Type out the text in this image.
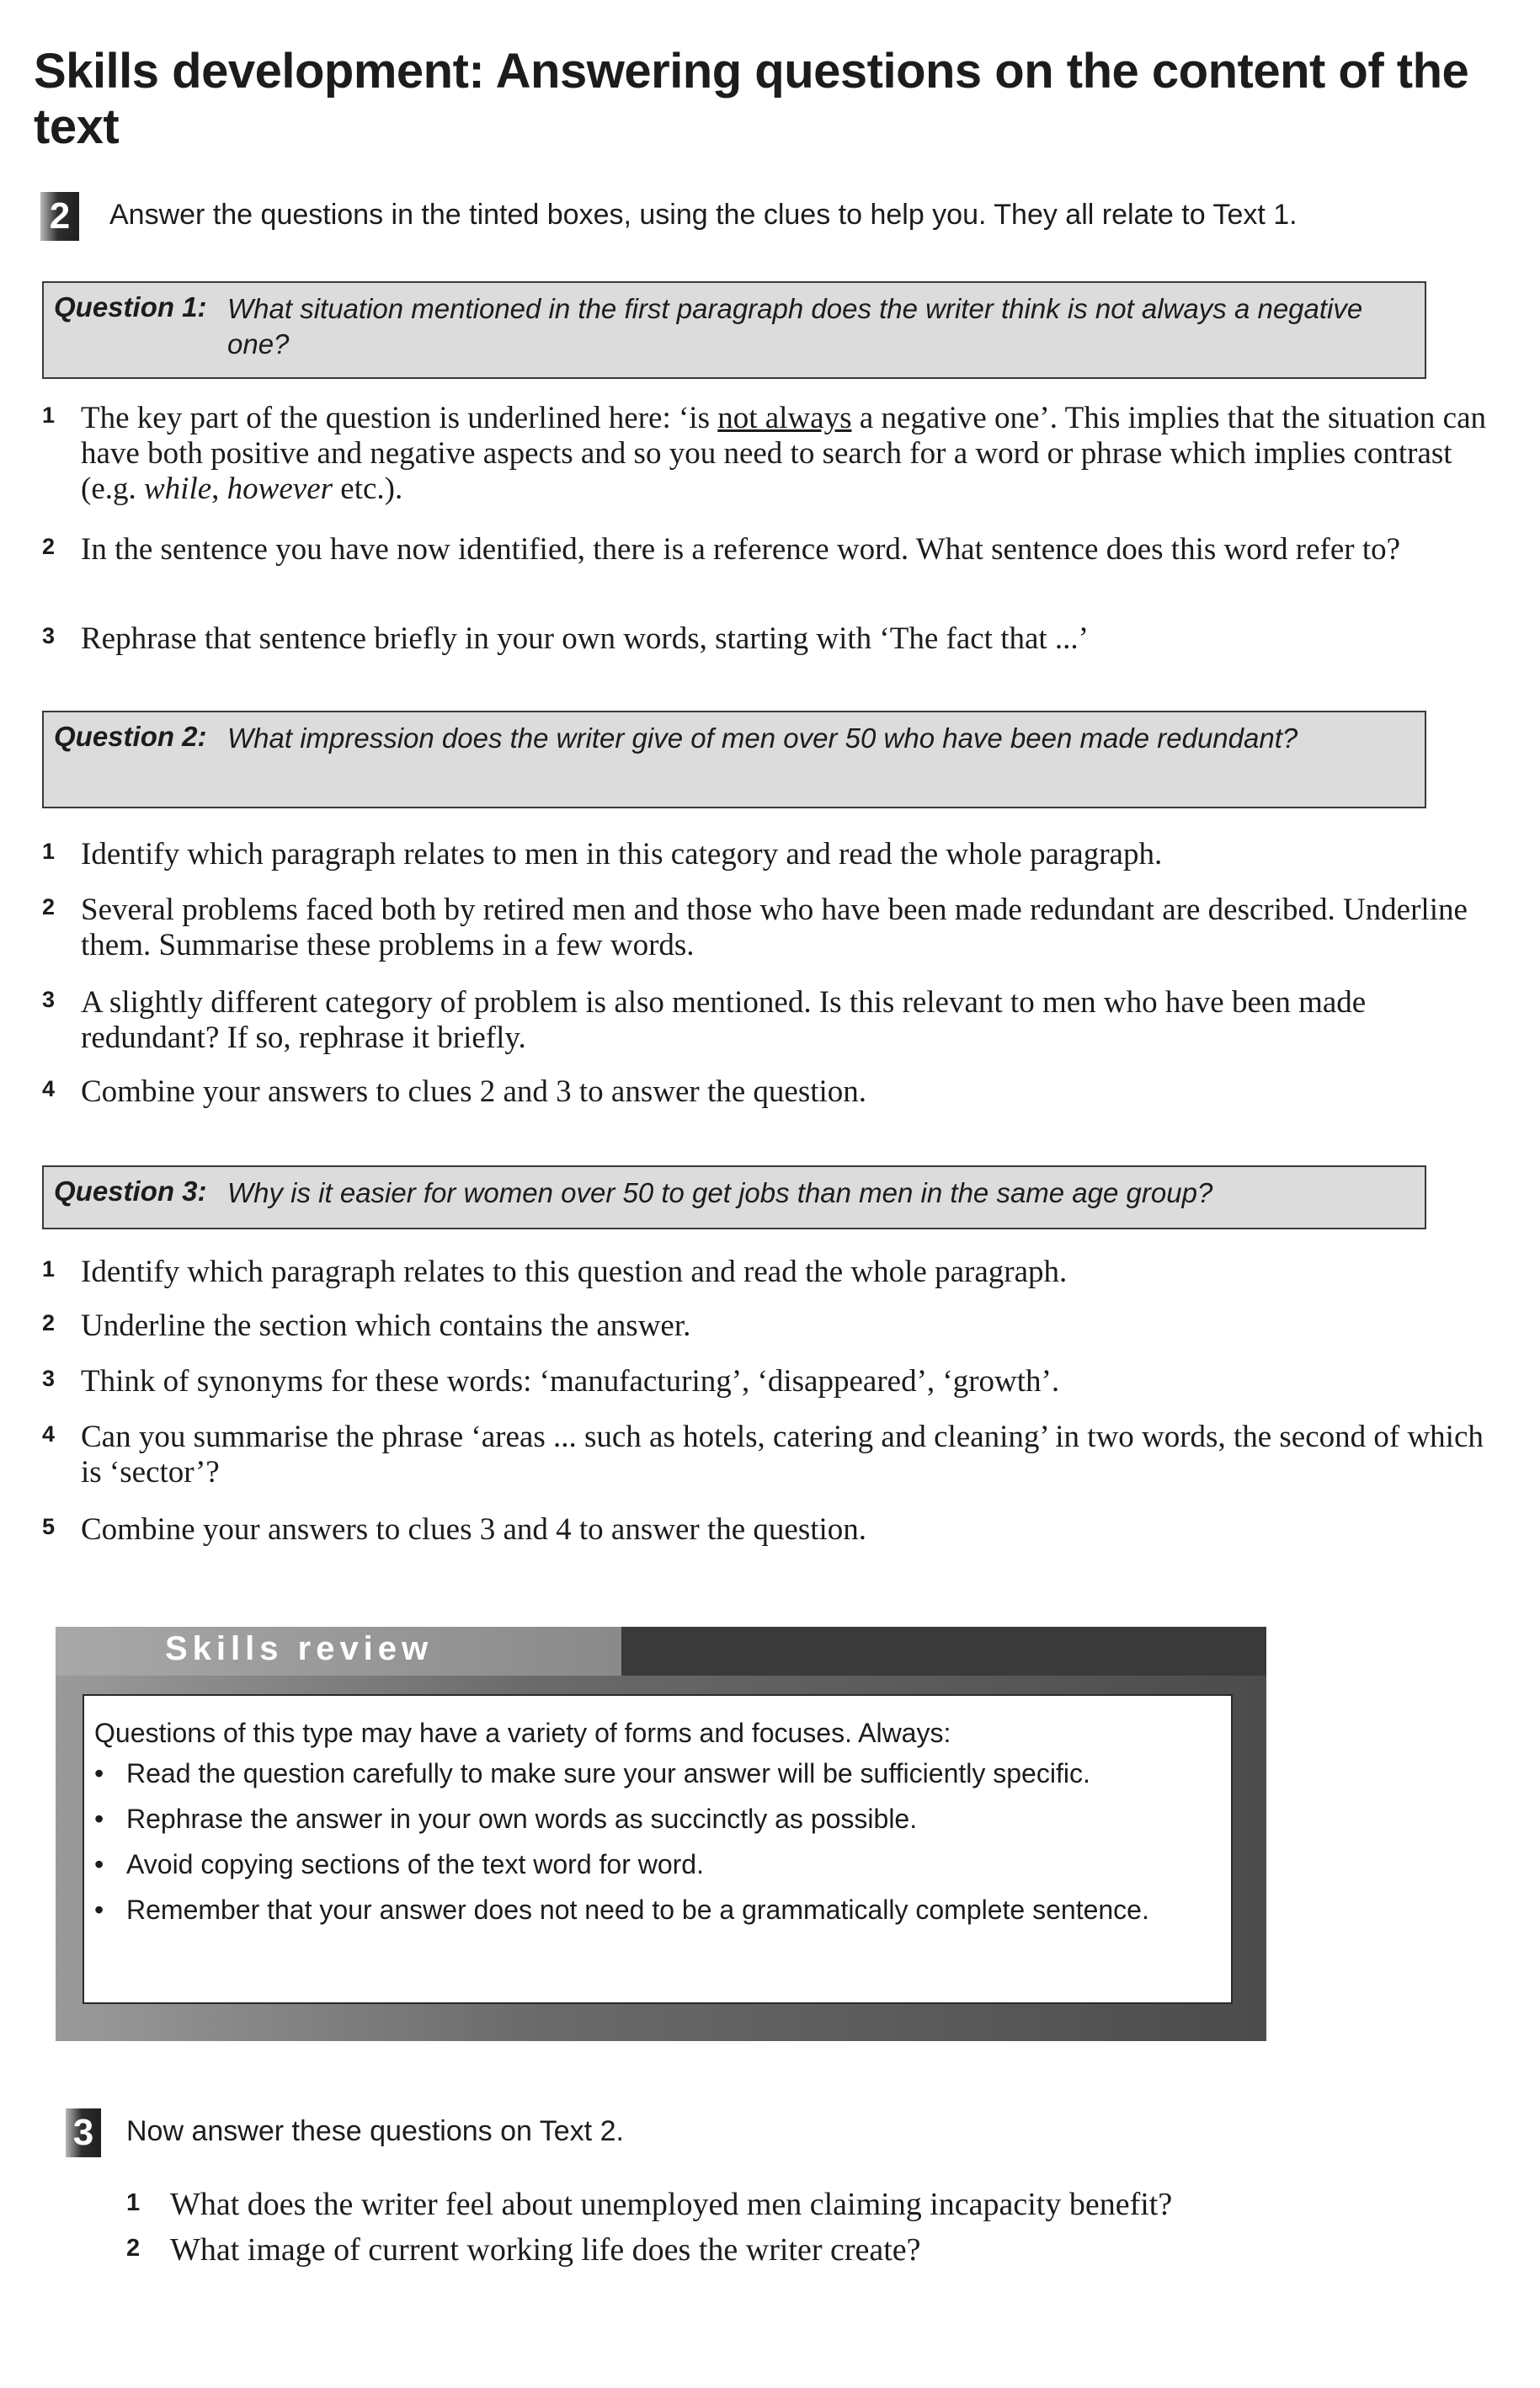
Skills development: Answering questions on the content of the text
2	Answer the questions in the tinted boxes, using the clues to help you. They all relate to Text 1.
Question 1: What situation mentioned in the first paragraph does the writer think is not always a negative one?
1 The key part of the question is underlined here: ‘is not always a negative one’. This implies that the situation can have both positive and negative aspects and so you need to search for a word or phrase which implies contrast (e.g. while, however etc.).
2 In the sentence you have now identified, there is a reference word. What sentence does this word refer to?
3 Rephrase that sentence briefly in your own words, starting with ‘The fact that ...’
Question 2: What impression does the writer give of men over 50 who have been made redundant?
1 Identify which paragraph relates to men in this category and read the whole paragraph.
2 Several problems faced both by retired men and those who have been made redundant are described. Underline them. Summarise these problems in a few words.
3 A slightly different category of problem is also mentioned. Is this relevant to men who have been made redundant? If so, rephrase it briefly.
4 Combine your answers to clues 2 and 3 to answer the question.
Question 3: Why is it easier for women over 50 to get jobs than men in the same age group?
1 Identify which paragraph relates to this question and read the whole paragraph.
2 Underline the section which contains the answer.
3 Think of synonyms for these words: ‘manufacturing’, ‘disappeared’, ‘growth’.
4 Can you summarise the phrase ‘areas ... such as hotels, catering and cleaning’ in two words, the second of which is ‘sector’?
5 Combine your answers to clues 3 and 4 to answer the question.
Skills review
Questions of this type may have a variety of forms and focuses. Always:
• Read the question carefully to make sure your answer will be sufficiently specific.
• Rephrase the answer in your own words as succinctly as possible.
• Avoid copying sections of the text word for word.
• Remember that your answer does not need to be a grammatically complete sentence.
3 Now answer these questions on Text 2.
1 What does the writer feel about unemployed men claiming incapacity benefit?
2 What image of current working life does the writer create?
